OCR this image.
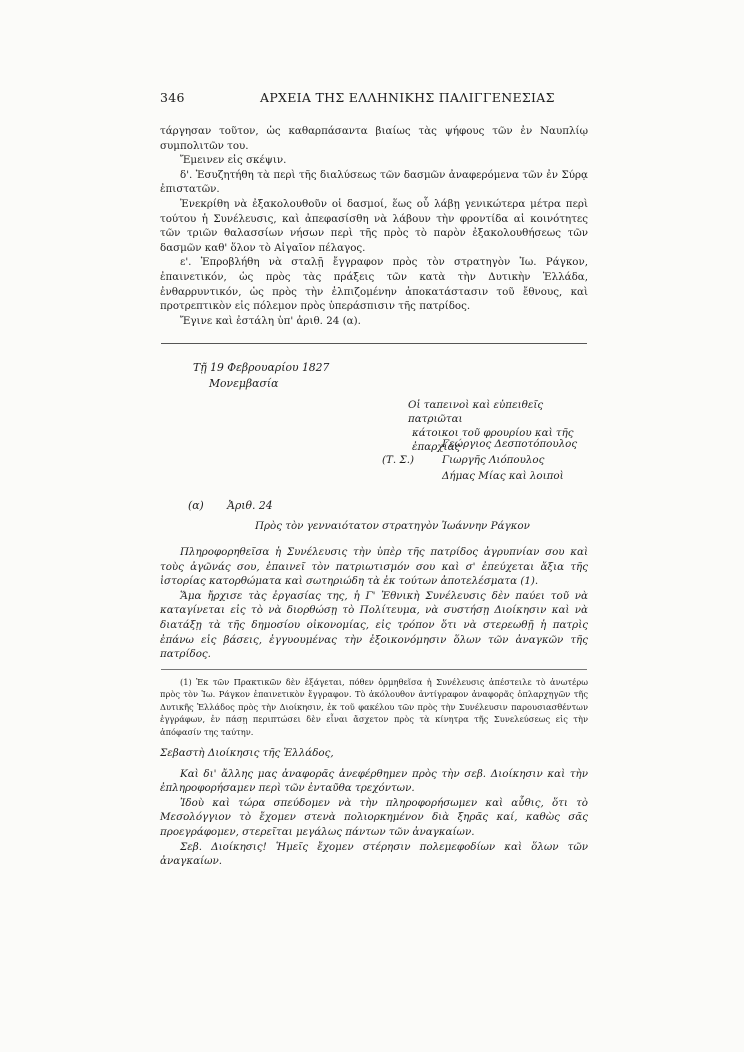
346	ΑΡΧΕΙΑ ΤΗΣ ΕΛΛΗΝΙΚΗΣ ΠΑΛΙΓΓΕΝΕΣΙΑΣ

τάργησαν τοῦτον, ὡς καθαρπάσαντα βιαίως τὰς ψήφους τῶν ἐν Ναυπλίῳ συμπολιτῶν του.

Ἔμεινεν εἰς σκέψιν.

δ'. Ἐσυζητήθη τὰ περὶ τῆς διαλύσεως τῶν δασμῶν ἀναφερόμενα τῶν ἐν Σύρᾳ ἐπιστατῶν.

Ἐνεκρίθη νὰ ἐξακολουθοῦν οἱ δασμοί, ἕως οὗ λάβῃ γενικώτερα μέτρα περὶ τούτου ἡ Συνέλευσις, καὶ ἀπεφασίσθη νὰ λάβουν τὴν φροντίδα αἱ κοινότητες τῶν τριῶν θαλασσίων νήσων περὶ τῆς πρὸς τὸ παρὸν ἐξακολουθήσεως τῶν δασμῶν καθ' ὅλον τὸ Αἰγαῖον πέλαγος.

ε'. Ἐπροβλήθη νὰ σταλῇ ἔγγραφον πρὸς τὸν στρατηγὸν Ἰω. Ράγκον, ἐπαινετικόν, ὡς πρὸς τὰς πράξεις τῶν κατὰ τὴν Δυτικὴν Ἑλλάδα, ἐνθαρρυντικόν, ὡς πρὸς τὴν ἐλπιζομένην ἀποκατάστασιν τοῦ ἔθνους, καὶ προτρεπτικὸν εἰς πόλεμον πρὸς ὑπεράσπισιν τῆς πατρίδος.

Ἔγινε καὶ ἐστάλη ὑπ' ἀριθ. 24 (α).

Τῇ 19 Φεβρουαρίου 1827
Μονεμβασία
Οἱ ταπεινοὶ καὶ εὐπειθεῖς πατριῶται
κάτοικοι τοῦ φρουρίου καὶ τῆς ἐπαρχίας
Γεώργιος Δεσποτόπουλος
(Τ. Σ.)	Γιωργῆς Λιόπουλος
Δήμας Μίας καὶ λοιποὶ
(α) Ἀριθ. 24
Πρὸς τὸν γενναιότατον στρατηγὸν Ἰωάννην Ράγκον

Πληροφορηθεῖσα ἡ Συνέλευσις τὴν ὑπὲρ τῆς πατρίδος ἀγρυπνίαν σου καὶ τοὺς ἀγῶνάς σου, ἐπαινεῖ τὸν πατριωτισμόν σου καὶ σ' ἐπεύχεται ἄξια τῆς ἱστορίας κατορθώματα καὶ σωτηριώδη τὰ ἐκ τούτων ἀποτελέσματα (1).

Ἅμα ἤρχισε τὰς ἐργασίας της, ἡ Γ' Ἐθνικὴ Συνέλευσις δὲν παύει τοῦ νὰ καταγίνεται εἰς τὸ νὰ διορθώσῃ τὸ Πολίτευμα, νὰ συστήσῃ Διοίκησιν καὶ νὰ διατάξῃ τὰ τῆς δημοσίου οἰκονομίας, εἰς τρόπον ὅτι νὰ στερεωθῇ ἡ πατρὶς ἐπάνω εἰς βάσεις, ἐγγυουμένας τὴν ἐξοικονόμησιν ὅλων τῶν ἀναγκῶν τῆς πατρίδος.

(1) Ἐκ τῶν Πρακτικῶν δὲν ἐξάγεται, πόθεν ὁρμηθεῖσα ἡ Συνέλευσις ἀπέστειλε τὸ ἀνωτέρω πρὸς τὸν Ἰω. Ράγκον ἐπαινετικὸν ἔγγραφον. Τὸ ἀκόλουθον ἀντίγραφον ἀναφορᾶς ὁπλαρχηγῶν τῆς Δυτικῆς Ἑλλάδος πρὸς τὴν Διοίκησιν, ἐκ τοῦ φακέλου τῶν πρὸς τὴν Συνέλευσιν παρουσιασθέντων ἐγγράφων, ἐν πάσῃ περιπτώσει δὲν εἶναι ἄσχετον πρὸς τὰ κίνητρα τῆς Συνελεύσεως εἰς τὴν ἀπόφασίν της ταύτην.

Σεβαστὴ Διοίκησις τῆς Ἑλλάδος,

Καὶ δι' ἄλλης μας ἀναφορᾶς ἀνεφέρθημεν πρὸς τὴν σεβ. Διοίκησιν καὶ τὴν ἐπληροφορήσαμεν περὶ τῶν ἐνταῦθα τρεχόντων.

Ἰδοὺ καὶ τώρα σπεύδομεν νὰ τὴν πληροφορήσωμεν καὶ αὖθις, ὅτι τὸ Μεσολόγγιον τὸ ἔχομεν στενὰ πολιορκημένον διὰ ξηρᾶς καί, καθὼς σᾶς προεγράφομεν, στερεῖται μεγάλως πάντων τῶν ἀναγκαίων.

Σεβ. Διοίκησις! Ἡμεῖς ἔχομεν στέρησιν πολεμεφοδίων καὶ ὅλων τῶν ἀναγκαίων.
